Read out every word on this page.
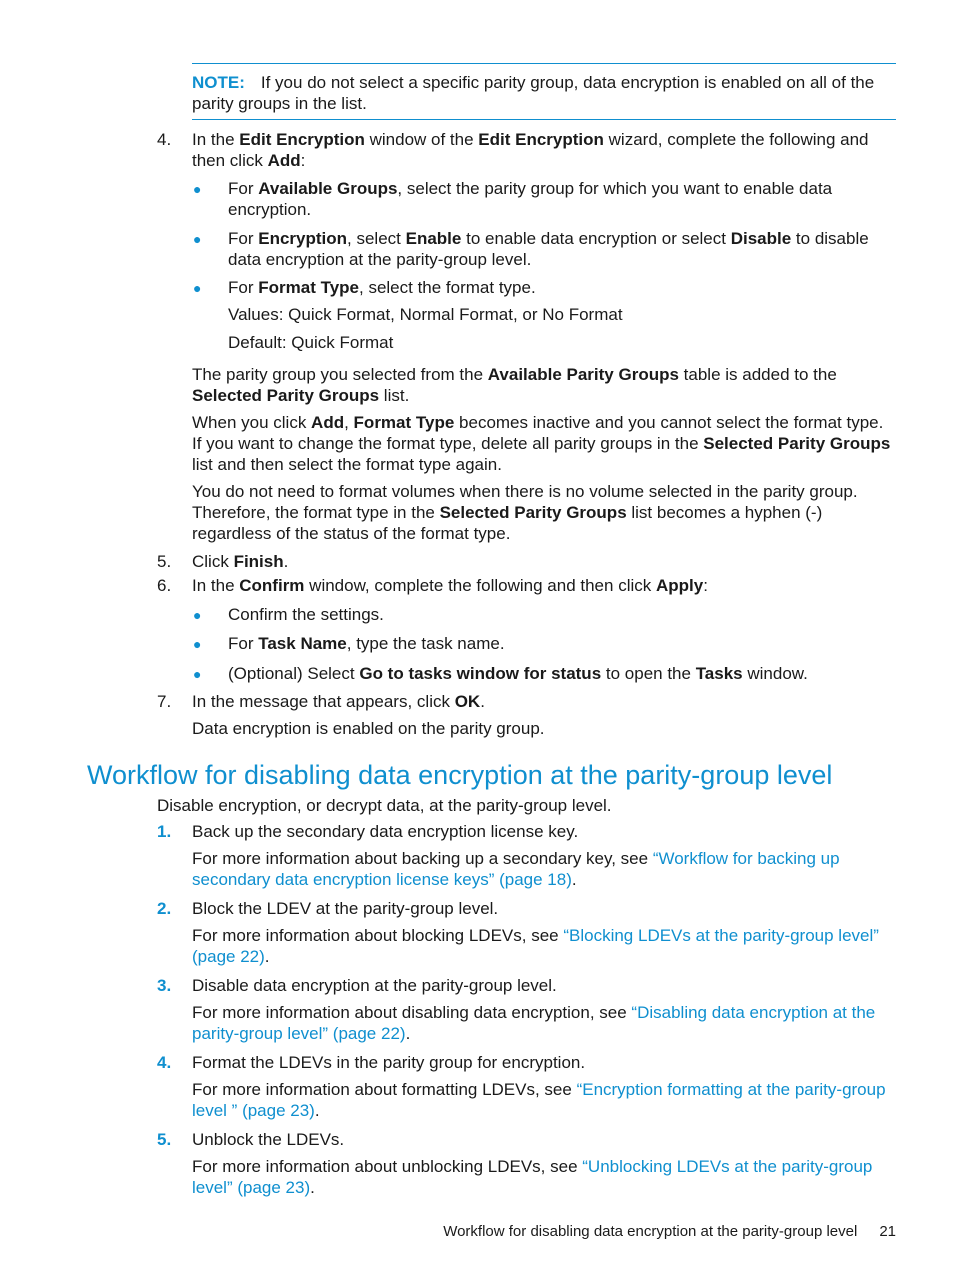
NOTE: If you do not select a specific parity group, data encryption is enabled on all of the parity groups in the list.
4.	In the Edit Encryption window of the Edit Encryption wizard, complete the following and then click Add:
● For Available Groups, select the parity group for which you want to enable data encryption.
● For Encryption, select Enable to enable data encryption or select Disable to disable data encryption at the parity-group level.
● For Format Type, select the format type.
Values: Quick Format, Normal Format, or No Format
Default: Quick Format
The parity group you selected from the Available Parity Groups table is added to the Selected Parity Groups list.
When you click Add, Format Type becomes inactive and you cannot select the format type. If you want to change the format type, delete all parity groups in the Selected Parity Groups list and then select the format type again.
You do not need to format volumes when there is no volume selected in the parity group. Therefore, the format type in the Selected Parity Groups list becomes a hyphen (-) regardless of the status of the format type.
5.	Click Finish.
6.	In the Confirm window, complete the following and then click Apply:
● Confirm the settings.
● For Task Name, type the task name.
● (Optional) Select Go to tasks window for status to open the Tasks window.
7.	In the message that appears, click OK.
Data encryption is enabled on the parity group.
Workflow for disabling data encryption at the parity-group level
Disable encryption, or decrypt data, at the parity-group level.
1.	Back up the secondary data encryption license key.
For more information about backing up a secondary key, see “Workflow for backing up secondary data encryption license keys” (page 18).
2.	Block the LDEV at the parity-group level.
For more information about blocking LDEVs, see “Blocking LDEVs at the parity-group level” (page 22).
3.	Disable data encryption at the parity-group level.
For more information about disabling data encryption, see “Disabling data encryption at the parity-group level” (page 22).
4.	Format the LDEVs in the parity group for encryption.
For more information about formatting LDEVs, see “Encryption formatting at the parity-group level ” (page 23).
5.	Unblock the LDEVs.
For more information about unblocking LDEVs, see “Unblocking LDEVs at the parity-group level” (page 23).
Workflow for disabling data encryption at the parity-group level 21
